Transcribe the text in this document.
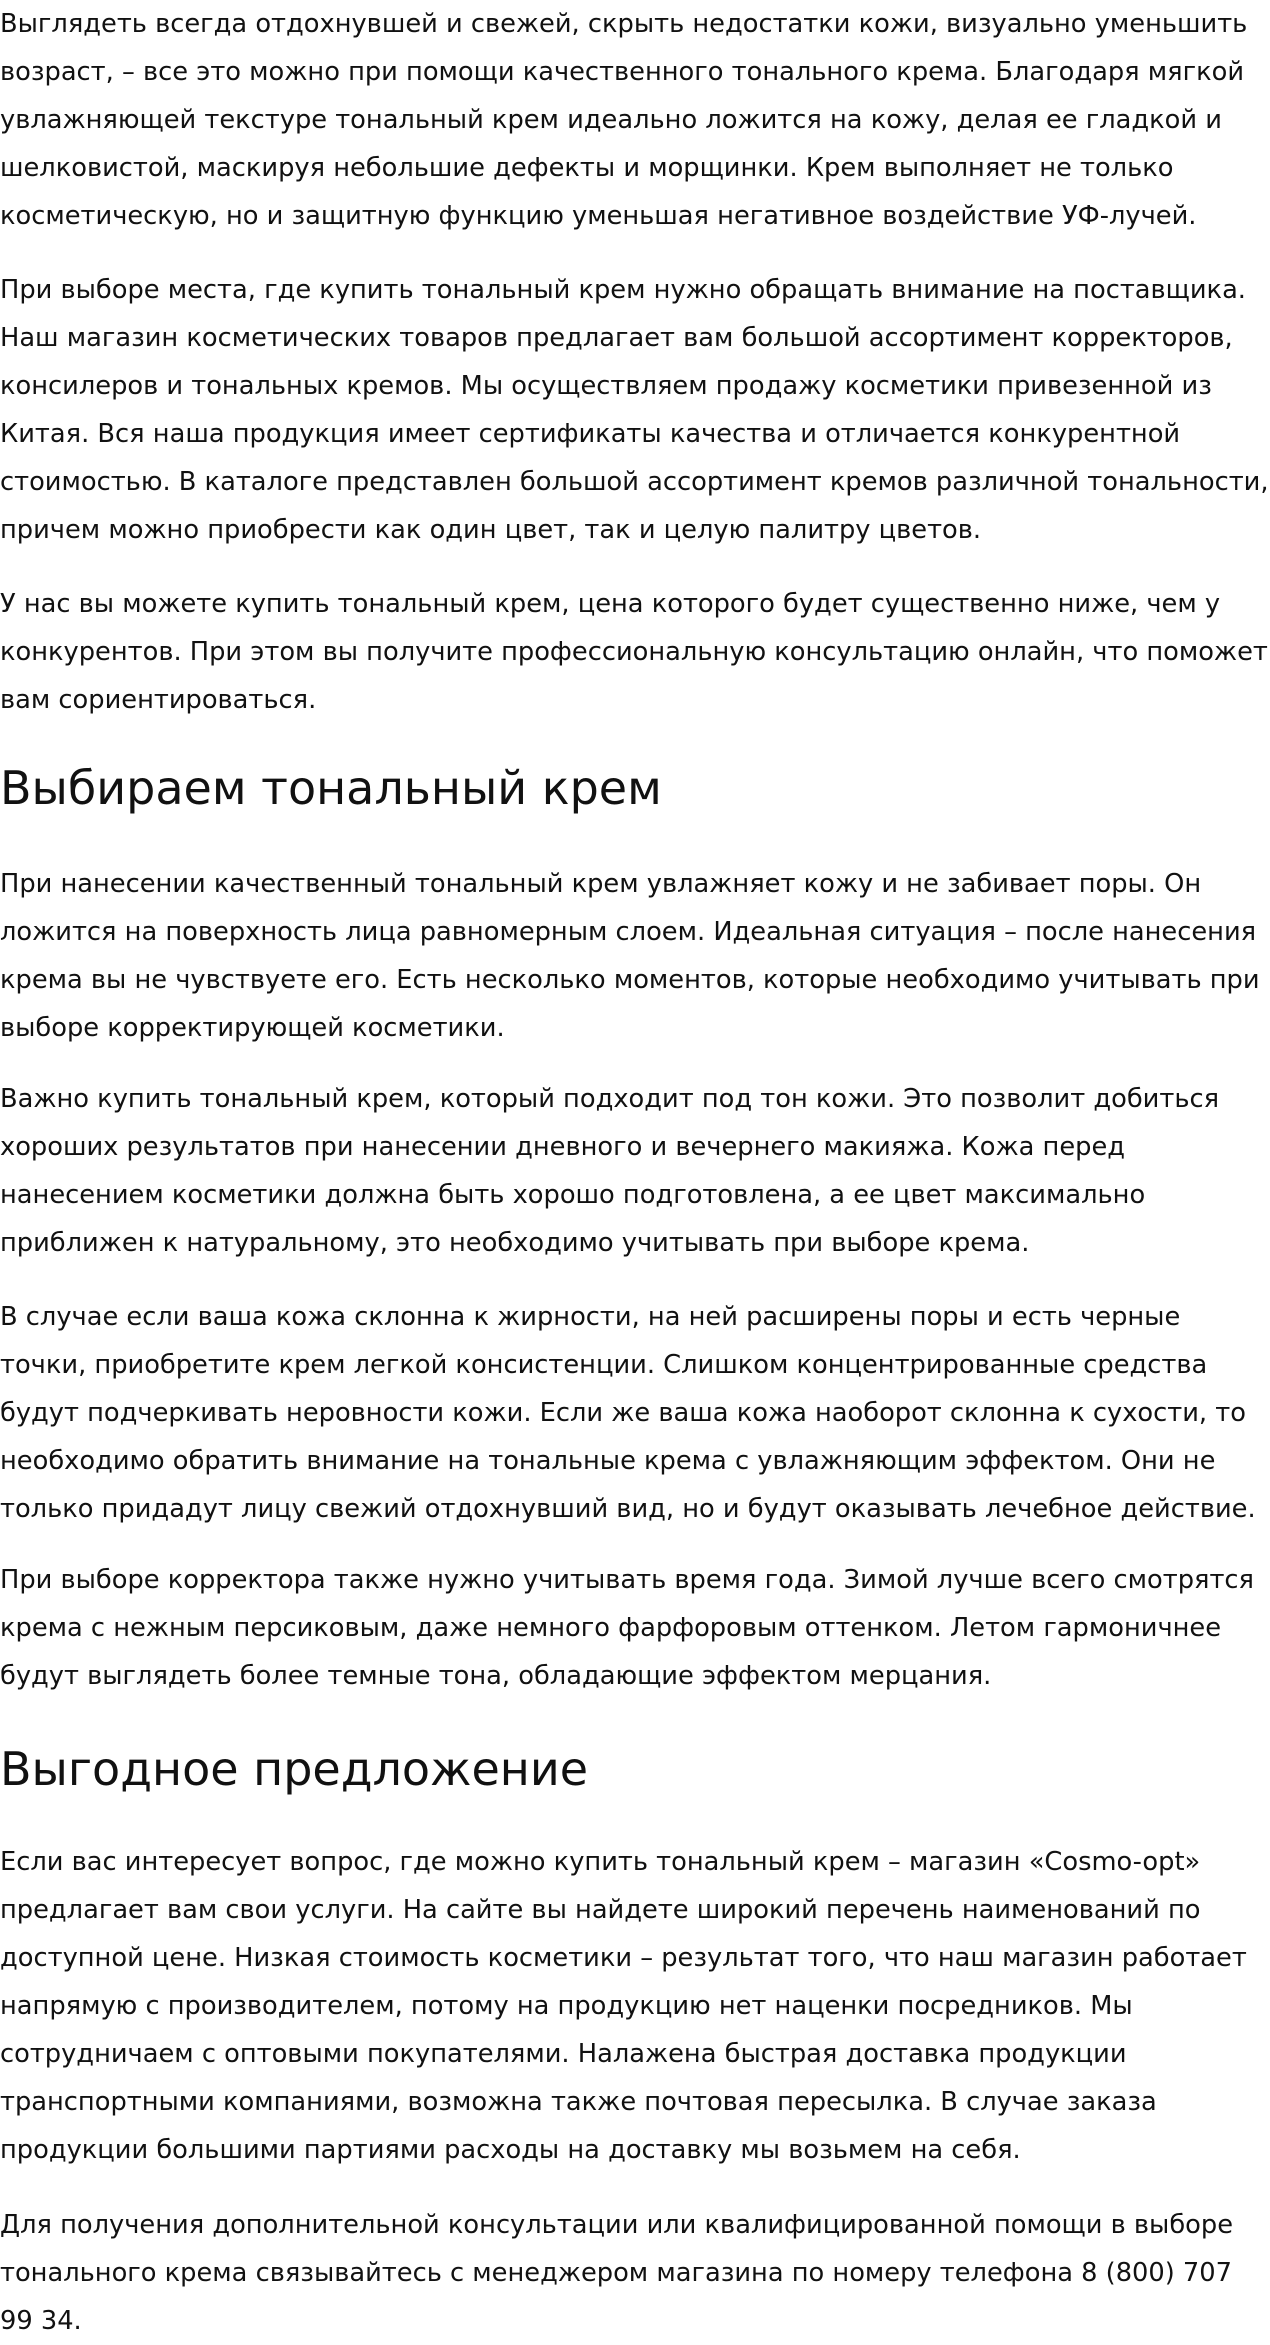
Выглядеть всегда отдохнувшей и свежей, скрыть недостатки кожи, визуально уменьшить возраст, – все это можно при помощи качественного тонального крема. Благодаря мягкой увлажняющей текстуре тональный крем идеально ложится на кожу, делая ее гладкой и шелковистой, маскируя небольшие дефекты и морщинки. Крем выполняет не только косметическую, но и защитную функцию уменьшая негативное воздействие УФ-лучей.

При выборе места, где купить тональный крем нужно обращать внимание на поставщика. Наш магазин косметических товаров предлагает вам большой ассортимент корректоров, консилеров и тональных кремов. Мы осуществляем продажу косметики привезенной из Китая. Вся наша продукция имеет сертификаты качества и отличается конкурентной стоимостью. В каталоге представлен большой ассортимент кремов различной тональности, причем можно приобрести как один цвет, так и целую палитру цветов.

У нас вы можете купить тональный крем, цена которого будет существенно ниже, чем у конкурентов. При этом вы получите профессиональную консультацию онлайн, что поможет вам сориентироваться.

Выбираем тональный крем

При нанесении качественный тональный крем увлажняет кожу и не забивает поры. Он ложится на поверхность лица равномерным слоем. Идеальная ситуация – после нанесения крема вы не чувствуете его. Есть несколько моментов, которые необходимо учитывать при выборе корректирующей косметики.

Важно купить тональный крем, который подходит под тон кожи. Это позволит добиться хороших результатов при нанесении дневного и вечернего макияжа. Кожа перед нанесением косметики должна быть хорошо подготовлена, а ее цвет максимально приближен к натуральному, это необходимо учитывать при выборе крема.

В случае если ваша кожа склонна к жирности, на ней расширены поры и есть черные точки, приобретите крем легкой консистенции. Слишком концентрированные средства будут подчеркивать неровности кожи. Если же ваша кожа наоборот склонна к сухости, то необходимо обратить внимание на тональные крема с увлажняющим эффектом. Они не только придадут лицу свежий отдохнувший вид, но и будут оказывать лечебное действие.

При выборе корректора также нужно учитывать время года. Зимой лучше всего смотрятся крема с нежным персиковым, даже немного фарфоровым оттенком. Летом гармоничнее будут выглядеть более темные тона, обладающие эффектом мерцания.

Выгодное предложение

Если вас интересует вопрос, где можно купить тональный крем – магазин «Cosmo-opt» предлагает вам свои услуги. На сайте вы найдете широкий перечень наименований по доступной цене. Низкая стоимость косметики – результат того, что наш магазин работает напрямую с производителем, потому на продукцию нет наценки посредников. Мы сотрудничаем с оптовыми покупателями. Налажена быстрая доставка продукции транспортными компаниями, возможна также почтовая пересылка. В случае заказа продукции большими партиями расходы на доставку мы возьмем на себя.

Для получения дополнительной консультации или квалифицированной помощи в выборе тонального крема связывайтесь с менеджером магазина по номеру телефона 8 (800) 707 99 34.
